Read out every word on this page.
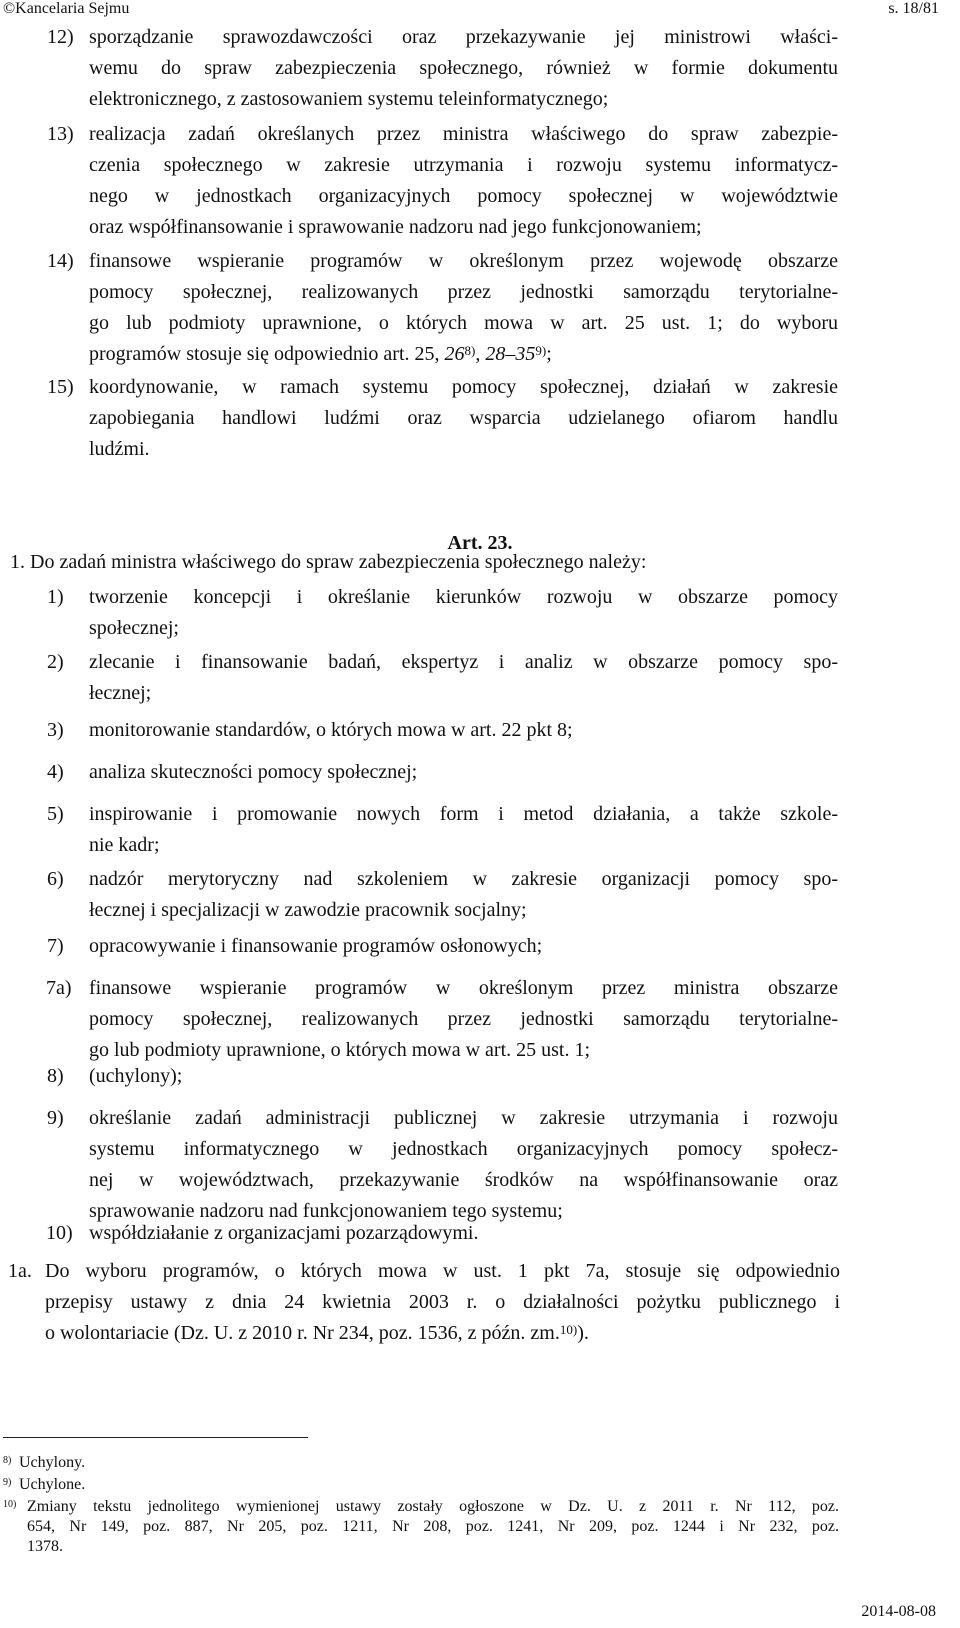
©Kancelaria Sejmu	s. 18/81
12) sporządzanie sprawozdawczości oraz przekazywanie jej ministrowi właści-
wemu do spraw zabezpieczenia społecznego, również w formie dokumentu
elektronicznego, z zastosowaniem systemu teleinformatycznego;
13) realizacja zadań określanych przez ministra właściwego do spraw zabezpie-
czenia społecznego w zakresie utrzymania i rozwoju systemu informatycz-
nego w jednostkach organizacyjnych pomocy społecznej w województwie
oraz współfinansowanie i sprawowanie nadzoru nad jego funkcjonowaniem;
14) finansowe wspieranie programów w określonym przez wojewodę obszarze
pomocy społecznej, realizowanych przez jednostki samorządu terytorialne-
go lub podmioty uprawnione, o których mowa w art. 25 ust. 1; do wyboru
programów stosuje się odpowiednio art. 25, 26$^{8)}$, 28–35$^{9)}$;
15) koordynowanie, w ramach systemu pomocy społecznej, działań w zakresie
zapobiegania handlowi ludźmi oraz wsparcia udzielanego ofiarom handlu
ludźmi.
1. Do zadań ministra właściwego do spraw zabezpieczenia społecznego należy:
1) tworzenie koncepcji i określanie kierunków rozwoju w obszarze pomocy
społecznej;
2) zlecanie i finansowanie badań, ekspertyz i analiz w obszarze pomocy spo-
łecznej;
3) monitorowanie standardów, o których mowa w art. 22 pkt 8;
4) analiza skuteczności pomocy społecznej;
5) inspirowanie i promowanie nowych form i metod działania, a także szkole-
nie kadr;
6) nadzór merytoryczny nad szkoleniem w zakresie organizacji pomocy spo-
łecznej i specjalizacji w zawodzie pracownik socjalny;
7) opracowywanie i finansowanie programów osłonowych;
7a) finansowe wspieranie programów w określonym przez ministra obszarze
pomocy społecznej, realizowanych przez jednostki samorządu terytorialne-
go lub podmioty uprawnione, o których mowa w art. 25 ust. 1;
8) (uchylony);
9) określanie zadań administracji publicznej w zakresie utrzymania i rozwoju
systemu informatycznego w jednostkach organizacyjnych pomocy społecz-
nej w województwach, przekazywanie środków na współfinansowanie oraz
sprawowanie nadzoru nad funkcjonowaniem tego systemu;
10) współdziałanie z organizacjami pozarządowymi.
1a. Do wyboru programów, o których mowa w ust. 1 pkt 7a, stosuje się odpowiednio
przepisy ustawy z dnia 24 kwietnia 2003 r. o działalności pożytku publicznego i
o wolontariacie (Dz. U. z 2010 r. Nr 234, poz. 1536, z późn. zm.$^{10)}$).
Art. 23.
8) Uchylony.
9) Uchylone.
10) Zmiany tekstu jednolitego wymienionej ustawy zostały ogłoszone w Dz. U. z 2011 r. Nr 112, poz.
654, Nr 149, poz. 887, Nr 205, poz. 1211, Nr 208, poz. 1241, Nr 209, poz. 1244 i Nr 232, poz.
1378.
2014-08-08
